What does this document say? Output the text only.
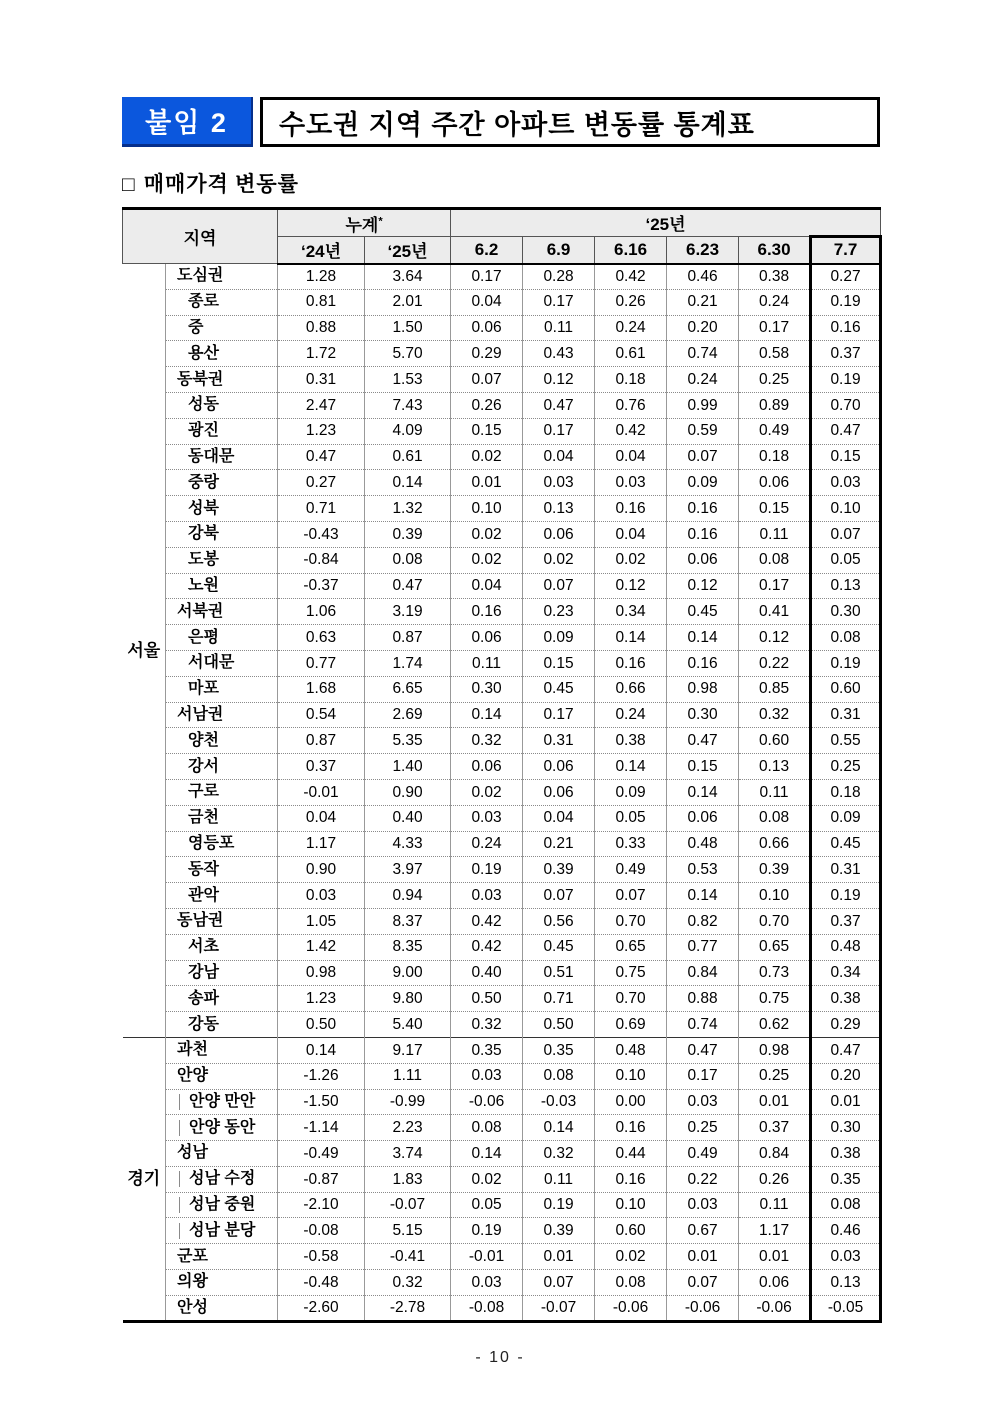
붙임 2 수도권 지역 주간 아파트 변동률 통계표
□ 매매가격 변동률
지역		누계*		‘25년					
		‘24년	‘25년	6.2	6.9	6.16	6.23	6.30	7.7
서울	도심권	1.28	3.64	0.17	0.28	0.42	0.46	0.38	0.27

	종로	0.81	2.01	0.04	0.17	0.26	0.21	0.24	0.19

	중	0.88	1.50	0.06	0.11	0.24	0.20	0.17	0.16

	용산	1.72	5.70	0.29	0.43	0.61	0.74	0.58	0.37

	동북권	0.31	1.53	0.07	0.12	0.18	0.24	0.25	0.19

	성동	2.47	7.43	0.26	0.47	0.76	0.99	0.89	0.70

	광진	1.23	4.09	0.15	0.17	0.42	0.59	0.49	0.47

	동대문	0.47	0.61	0.02	0.04	0.04	0.07	0.18	0.15

	중랑	0.27	0.14	0.01	0.03	0.03	0.09	0.06	0.03

	성북	0.71	1.32	0.10	0.13	0.16	0.16	0.15	0.10

	강북	-0.43	0.39	0.02	0.06	0.04	0.16	0.11	0.07

	도봉	-0.84	0.08	0.02	0.02	0.02	0.06	0.08	0.05

	노원	-0.37	0.47	0.04	0.07	0.12	0.12	0.17	0.13

	서북권	1.06	3.19	0.16	0.23	0.34	0.45	0.41	0.30

	은평	0.63	0.87	0.06	0.09	0.14	0.14	0.12	0.08

	서대문	0.77	1.74	0.11	0.15	0.16	0.16	0.22	0.19

	마포	1.68	6.65	0.30	0.45	0.66	0.98	0.85	0.60

	서남권	0.54	2.69	0.14	0.17	0.24	0.30	0.32	0.31

	양천	0.87	5.35	0.32	0.31	0.38	0.47	0.60	0.55

	강서	0.37	1.40	0.06	0.06	0.14	0.15	0.13	0.25

	구로	-0.01	0.90	0.02	0.06	0.09	0.14	0.11	0.18

	금천	0.04	0.40	0.03	0.04	0.05	0.06	0.08	0.09

	영등포	1.17	4.33	0.24	0.21	0.33	0.48	0.66	0.45

	동작	0.90	3.97	0.19	0.39	0.49	0.53	0.39	0.31

	관악	0.03	0.94	0.03	0.07	0.07	0.14	0.10	0.19

	동남권	1.05	8.37	0.42	0.56	0.70	0.82	0.70	0.37

	서초	1.42	8.35	0.42	0.45	0.65	0.77	0.65	0.48

	강남	0.98	9.00	0.40	0.51	0.75	0.84	0.73	0.34

	송파	1.23	9.80	0.50	0.71	0.70	0.88	0.75	0.38

	강동	0.50	5.40	0.32	0.50	0.69	0.74	0.62	0.29
경기	과천	0.14	9.17	0.35	0.35	0.48	0.47	0.98	0.47

	안양	-1.26	1.11	0.03	0.08	0.10	0.17	0.25	0.20

	안양 만안	-1.50	-0.99	-0.06	-0.03	0.00	0.03	0.01	0.01

	안양 동안	-1.14	2.23	0.08	0.14	0.16	0.25	0.37	0.30

	성남	-0.49	3.74	0.14	0.32	0.44	0.49	0.84	0.38

	성남 수정	-0.87	1.83	0.02	0.11	0.16	0.22	0.26	0.35

	성남 중원	-2.10	-0.07	0.05	0.19	0.10	0.03	0.11	0.08

	성남 분당	-0.08	5.15	0.19	0.39	0.60	0.67	1.17	0.46

	군포	-0.58	-0.41	-0.01	0.01	0.02	0.01	0.01	0.03

	의왕	-0.48	0.32	0.03	0.07	0.08	0.07	0.06	0.13

	안성	-2.60	-2.78	-0.08	-0.07	-0.06	-0.06	-0.06	-0.05
- 10 -
